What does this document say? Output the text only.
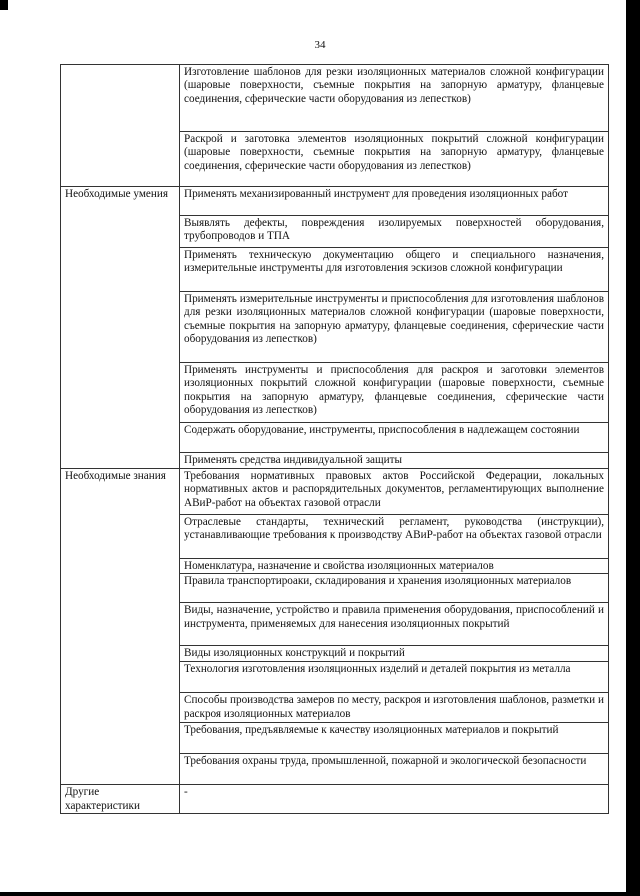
34
	Изготовление шаблонов для резки изоляционных материалов сложной конфигурации (шаровые поверхности, съемные покрытия на запорную арматуру, фланцевые соединения, сферические части оборудования из лепестков)
	Раскрой и заготовка элементов изоляционных покрытий сложной конфигурации (шаровые поверхности, съемные покрытия на запорную арматуру, фланцевые соединения, сферические части оборудования из лепестков)
Необходимые умения	Применять механизированный инструмент для проведения изоляционных работ
	Выявлять дефекты, повреждения изолируемых поверхностей оборудования, трубопроводов и ТПА
	Применять техническую документацию общего и специального назначения, измерительные инструменты для изготовления эскизов сложной конфигурации
	Применять измерительные инструменты и приспособления для изготовления шаблонов для резки изоляционных материалов сложной конфигурации (шаровые поверхности, съемные покрытия на запорную арматуру, фланцевые соединения, сферические части оборудования из лепестков)
	Применять инструменты и приспособления для раскроя и заготовки элементов изоляционных покрытий сложной конфигурации (шаровые поверхности, съемные покрытия на запорную арматуру, фланцевые соединения, сферические части оборудования из лепестков)
	Содержать оборудование, инструменты, приспособления в надлежащем состоянии
	Применять средства индивидуальной защиты
Необходимые знания	Требования нормативных правовых актов Российской Федерации, локальных нормативных актов и распорядительных документов, регламентирующих выполнение АВиР-работ на объектах газовой отрасли
	Отраслевые стандарты, технический регламент, руководства (инструкции), устанавливающие требования к производству АВиР-работ на объектах газовой отрасли
	Номенклатура, назначение и свойства изоляционных материалов
	Правила транспортироаки, складирования и хранения изоляционных материалов
	Виды, назначение, устройство и правила применения оборудования, приспособлений и инструмента, применяемых для нанесения изоляционных покрытий
	Виды изоляционных конструкций и покрытий
	Технология изготовления изоляционных изделий и деталей покрытия из металла
	Способы производства замеров по месту, раскроя и изготовления шаблонов, разметки и раскроя изоляционных материалов
	Требования, предъявляемые к качеству изоляционных материалов и покрытий
	Требования охраны труда, промышленной, пожарной и экологической безопасности
Другие характеристики	-
